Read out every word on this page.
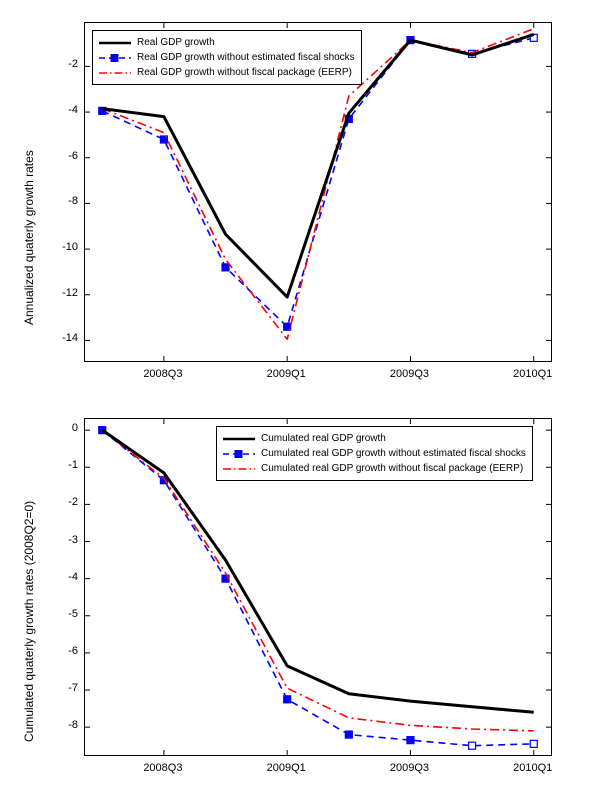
Annualized quaterly growth rates
-14
-12
-10
-8
-6
-4
-2
2008Q3	2009Q1	2009Q3	2010Q1
Real GDP growth
Real GDP growth without estimated fiscal shocks
Real GDP growth without fiscal package (EERP)
Cumulated quaterly growth rates (2008Q2=0)
0
-1
-2
-3
-4
-5
-6
-7
-8
2008Q3	2009Q1	2009Q3	2010Q1
Cumulated real GDP growth
Cumulated real GDP growth without estimated fiscal shocks
Cumulated real GDP growth without fiscal package (EERP)
